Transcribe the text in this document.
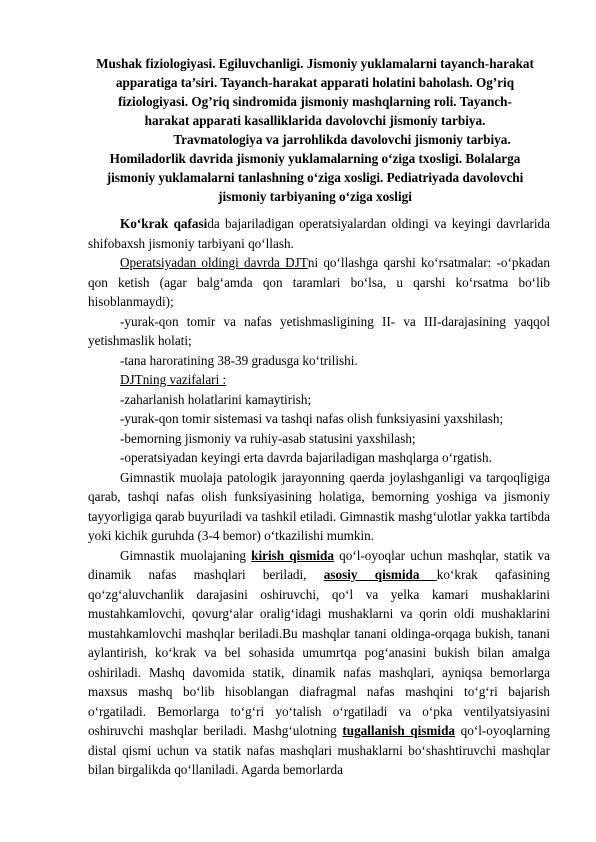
Mushak fiziologiyasi. Egiluvchanligi. Jismoniy yuklamalarni tayanch-harakat
apparatiga ta’siri. Tayanch-harakat apparati holatini baholash. Og’riq
fiziologiyasi. Og’riq sindromida jismoniy mashqlarning roli. Tayanch-
harakat apparati kasalliklarida davolovchi jismoniy tarbiya.
Travmatologiya va jarrohlikda davolovchi jismoniy tarbiya.
Homiladorlik davrida jismoniy yuklamalarning o‘ziga txosligi. Bolalarga
jismoniy yuklamalarni tanlashning o‘ziga xosligi. Pediatriyada davolovchi
jismoniy tarbiyaning o‘ziga xosligi

Ko‘krak qafasida bajariladigan operatsiyalardan oldingi va keyingi davrlarida shifobaxsh jismoniy tarbiyani qo‘llash.

Operatsiyadan oldingi davrda DJTni qo‘llashga qarshi ko‘rsatmalar: -o‘pkadan qon ketish (agar balg‘amda qon taramlari bo‘lsa, u qarshi ko‘rsatma bo‘lib hisoblanmaydi);

-yurak-qon tomir va nafas yetishmasligining II- va III-darajasining yaqqol yetishmaslik holati;

-tana haroratining 38-39 gradusga ko‘trilishi.

DJTning vazifalari :

-zaharlanish holatlarini kamaytirish;

-yurak-qon tomir sistemasi va tashqi nafas olish funksiyasini yaxshilash;

-bemorning jismoniy va ruhiy-asab statusini yaxshilash;

-operatsiyadan keyingi erta davrda bajariladigan mashqlarga o‘rgatish.

Gimnastik muolaja patologik jarayonning qaerda joylashganligi va tarqoqligiga qarab, tashqi nafas olish funksiyasining holatiga, bemorning yoshiga va jismoniy tayyorligiga qarab buyuriladi va tashkil etiladi. Gimnastik mashg‘ulotlar yakka tartibda yoki kichik guruhda (3-4 bemor) o‘tkazilishi mumkin.

Gimnastik muolajaning kirish qismida qo‘l-oyoqlar uchun mashqlar, statik va dinamik nafas mashqlari beriladi, asosiy qismida ko‘krak qafasining qo‘zg‘aluvchanlik darajasini oshiruvchi, qo‘l va yelka kamari mushaklarini mustahkamlovchi, qovurg‘alar oralig‘idagi mushaklarni va qorin oldi mushaklarini mustahkamlovchi mashqlar beriladi.Bu mashqlar tanani oldinga-orqaga bukish, tanani aylantirish, ko‘krak va bel sohasida umumrtqa pog‘anasini bukish bilan amalga oshiriladi. Mashq davomida statik, dinamik nafas mashqlari, ayniqsa bemorlarga maxsus mashq bo‘lib hisoblangan diafragmal nafas mashqini to‘g‘ri bajarish o‘rgatiladi. Bemorlarga to‘g‘ri yo‘talish o‘rgatiladi va o‘pka ventilyatsiyasini oshiruvchi mashqlar beriladi. Mashg‘ulotning tugallanish qismida qo‘l-oyoqlarning distal qismi uchun va statik nafas mashqlari mushaklarni bo‘shashtiruvchi mashqlar bilan birgalikda qo‘llaniladi. Agarda bemorlarda
